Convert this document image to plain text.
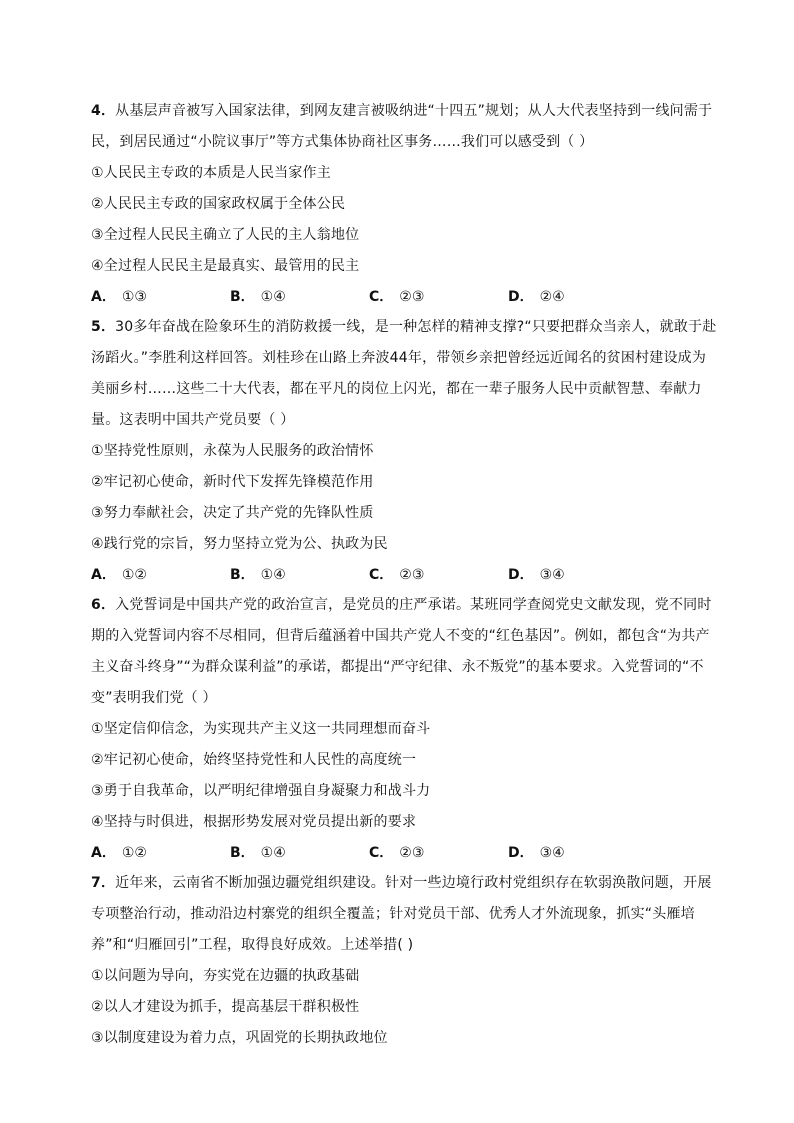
4．从基层声音被写入国家法律，到网友建言被吸纳进“十四五”规划；从人大代表坚持到一线问需于民，到居民通过“小院议事厅”等方式集体协商社区事务……我们可以感受到（ ）

①人民民主专政的本质是人民当家作主

②人民民主专政的国家政权属于全体公民

③全过程人民民主确立了人民的主人翁地位

④全过程人民民主是最真实、最管用的民主

A． ①③	B． ①④	C． ②③	D． ②④

5．30多年奋战在险象环生的消防救援一线，是一种怎样的精神支撑?“只要把群众当亲人，就敢于赴汤蹈火。”李胜利这样回答。刘桂珍在山路上奔波44年，带领乡亲把曾经远近闻名的贫困村建设成为美丽乡村……这些二十大代表，都在平凡的岗位上闪光，都在一辈子服务人民中贡献智慧、奉献力量。这表明中国共产党员要（ ）

①坚持党性原则，永葆为人民服务的政治情怀

②牢记初心使命，新时代下发挥先锋模范作用

③努力奉献社会，决定了共产党的先锋队性质

④践行党的宗旨，努力坚持立党为公、执政为民

A． ①②	B． ①④	C． ②③	D． ③④

6．入党誓词是中国共产党的政治宣言，是党员的庄严承诺。某班同学查阅党史文献发现，党不同时期的入党誓词内容不尽相同，但背后蕴涵着中国共产党人不变的“红色基因”。例如，都包含“为共产主义奋斗终身”“为群众谋利益”的承诺，都提出“严守纪律、永不叛党”的基本要求。入党誓词的“不变”表明我们党（ ）

①坚定信仰信念，为实现共产主义这一共同理想而奋斗

②牢记初心使命，始终坚持党性和人民性的高度统一

③勇于自我革命，以严明纪律增强自身凝聚力和战斗力

④坚持与时俱进，根据形势发展对党员提出新的要求

A． ①②	B． ①④	C． ②③	D． ③④

7．近年来，云南省不断加强边疆党组织建设。针对一些边境行政村党组织存在软弱涣散问题，开展专项整治行动，推动沿边村寨党的组织全覆盖；针对党员干部、优秀人才外流现象，抓实“头雁培养”和“归雁回引”工程，取得良好成效。上述举措( )

①以问题为导向，夯实党在边疆的执政基础

②以人才建设为抓手，提高基层干群积极性

③以制度建设为着力点，巩固党的长期执政地位
